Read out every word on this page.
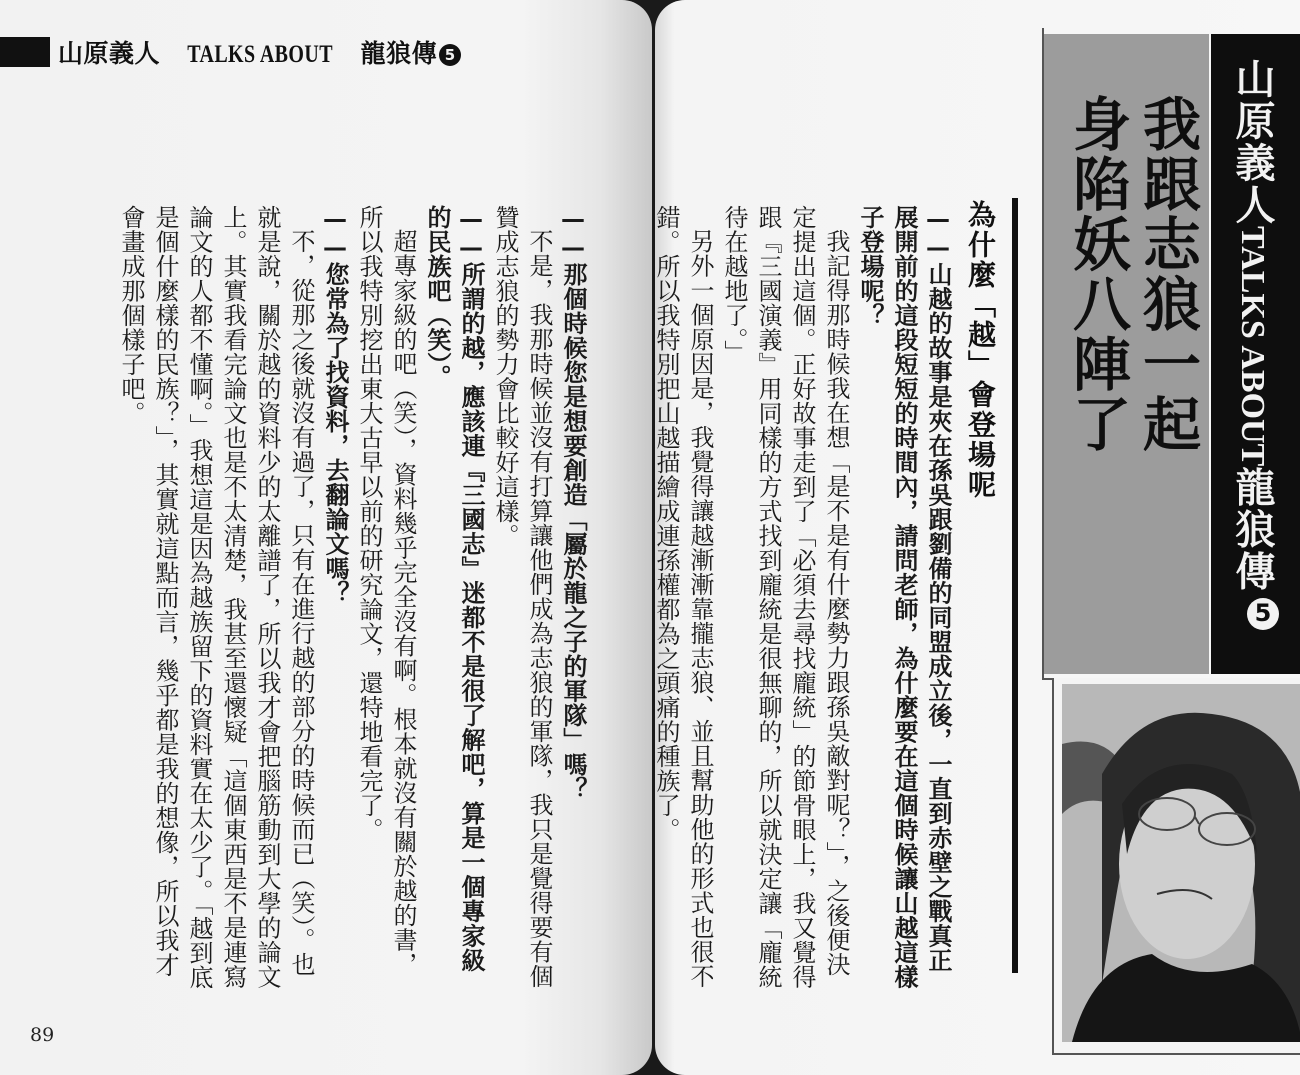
山原義人 TALKS ABOUT 龍狼傳 5

——那個時候您是想要創造「屬於龍之子的軍隊」嗎？

不是，我那時候並沒有打算讓他們成為志狼的軍隊，我只是覺得要有個贊成志狼的勢力會比較好這樣。

——所謂的越，應該連『三國志』迷都不是很了解吧，算是一個專家級的民族吧（笑）。

超專家級的吧（笑），資料幾乎完全沒有啊。根本就沒有關於越的書，所以我特別挖出東大古早以前的研究論文，還特地看完了。

——您常為了找資料，去翻論文嗎？

不，從那之後就沒有過了，只有在進行越的部分的時候而已（笑）。也就是說，關於越的資料少的太離譜了，所以我才會把腦筋動到大學的論文上。其實我看完論文也是不太清楚，我甚至還懷疑「這個東西是不是連寫論文的人都不懂啊。」我想這是因為越族留下的資料實在太少了。「越到底是個什麼樣的民族？」，其實就這點而言，幾乎都是我的想像，所以我才會畫成那個樣子吧。

89
我跟志狼一起
身陷妖八陣了 山原義人TALKS ABOUT龍狼傳5
為什麼「越」會登場呢

——山越的故事是夾在孫吳跟劉備的同盟成立後，一直到赤壁之戰真正展開前的這段短短的時間內，請問老師，為什麼要在這個時候讓山越這樣子登場呢？

我記得那時候我在想「是不是有什麼勢力跟孫吳敵對呢？」，之後便決定提出這個。正好故事走到了「必須去尋找龐統」的節骨眼上，我又覺得跟『三國演義』用同樣的方式找到龐統是很無聊的，所以就決定讓「龐統待在越地了。」

另外一個原因是，我覺得讓越漸漸靠攏志狼、並且幫助他的形式也很不錯。所以我特別把山越描繪成連孫權都為之頭痛的種族了。
